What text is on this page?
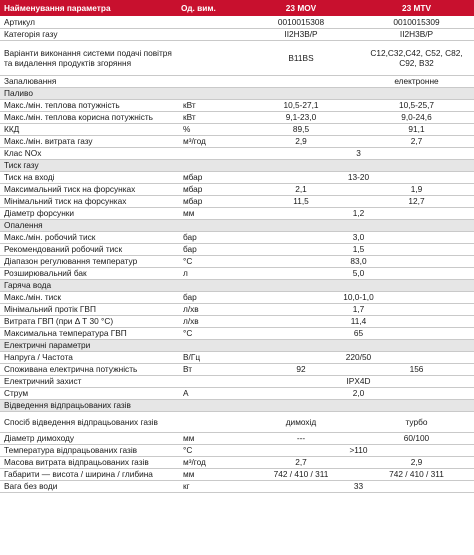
Найменування параметра	Од. вим.	23 MOV	23 MTV
Артикул		0010015308	0010015309
Категорія газу		II2H3B/P	II2H3B/P
Варіанти виконання системи подачі повітря та видалення продуктів згоряння		B11BS	C12,C32,C42, C52, C82, C92, B32
Запалювання			електронне
Паливо			
Макс./мін. теплова потужність	кВт	10,5-27,1	10,5-25,7
Макс./мін. теплова корисна потужність	кВт	9,1-23,0	9,0-24,6
ККД	%	89,5	91,1
Макс./мін. витрата газу	м³/год	2,9	2,7
Клас NOx		3	
Тиск газу			
Тиск на вході	мбар	13-20	
Максимальний тиск на форсунках	мбар	2,1	1,9
Мінімальний тиск на форсунках	мбар	11,5	12,7
Діаметр форсунки	мм	1,2	
Опалення			
Макс./мін. робочий тиск	бар	3,0	
Рекомендований робочий тиск	бар	1,5	
Діапазон регулювання температур	°С	83,0	
Розширювальний бак	л	5,0	
Гаряча вода			
Макс./мін. тиск	бар	10,0-1,0	
Мінімальний протік ГВП	л/хв	1,7	
Витрата ГВП (при Δ Т 30 °С)	л/хв	11,4	
Максимальна температура ГВП	°С	65	
Електричні параметри			
Напруга / Частота	В/Гц	220/50	
Споживана електрична потужність	Вт	92	156
Електричний захист		IPX4D	
Струм	А	2,0	
Відведення відпрацьованих газів			
Спосіб відведення відпрацьованих газів		димохід	турбо
Діаметр димоходу	мм	---	60/100
Температура відпрацьованих газів	°С	>110	
Масова витрата відпрацьованих газів	м³/год	2,7	2,9
Габарити — висота / ширина / глибина	мм	742 / 410 / 311	742 / 410 / 311
Вага без води	кг	33	
